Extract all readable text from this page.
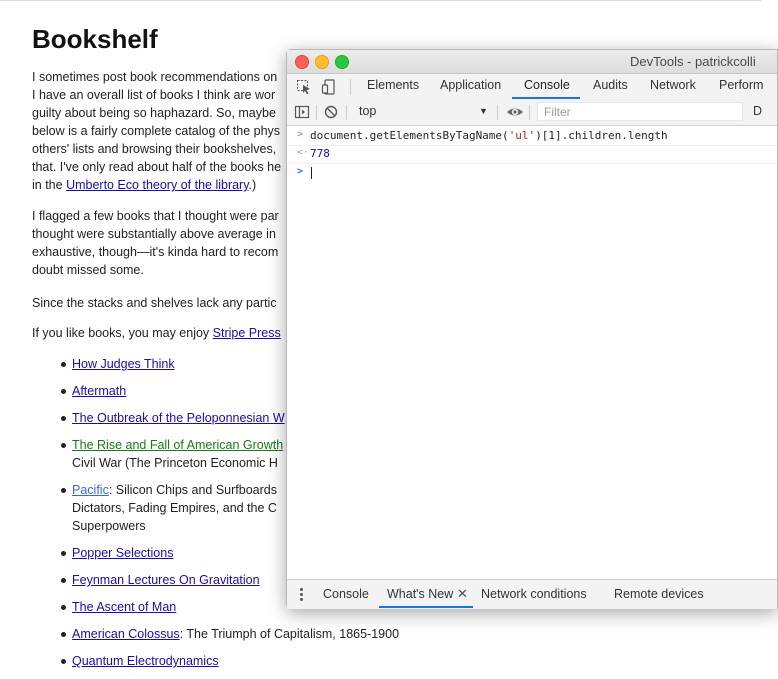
Bookshelf

I sometimes post book recommendations on
I have an overall list of books I think are wor
guilty about being so haphazard. So, maybe
below is a fairly complete catalog of the phys
others' lists and browsing their bookshelves,
that. I've only read about half of the books he
in the Umberto Eco theory of the library.)

I flagged a few books that I thought were par
thought were substantially above average in
exhaustive, though—it's kinda hard to recom
doubt missed some.

Since the stacks and shelves lack any partic

If you like books, you may enjoy Stripe Press

How Judges Think
Aftermath
The Outbreak of the Peloponnesian W
The Rise and Fall of American Growth
Civil War (The Princeton Economic H
Pacific: Silicon Chips and Surfboards
Dictators, Fading Empires, and the C
Superpowers
Popper Selections
Feynman Lectures On Gravitation
The Ascent of Man
American Colossus: The Triumph of Capitalism, 1865-1900
Quantum Electrodynamics
DevTools - patrickcolli
Elements Application Console Audits Network Perform
top	▼
Filter	D
> document.getElementsByTagName('ul')[1].children.length
<· 778
>
Console What's New ✕ Network conditions Remote devices
